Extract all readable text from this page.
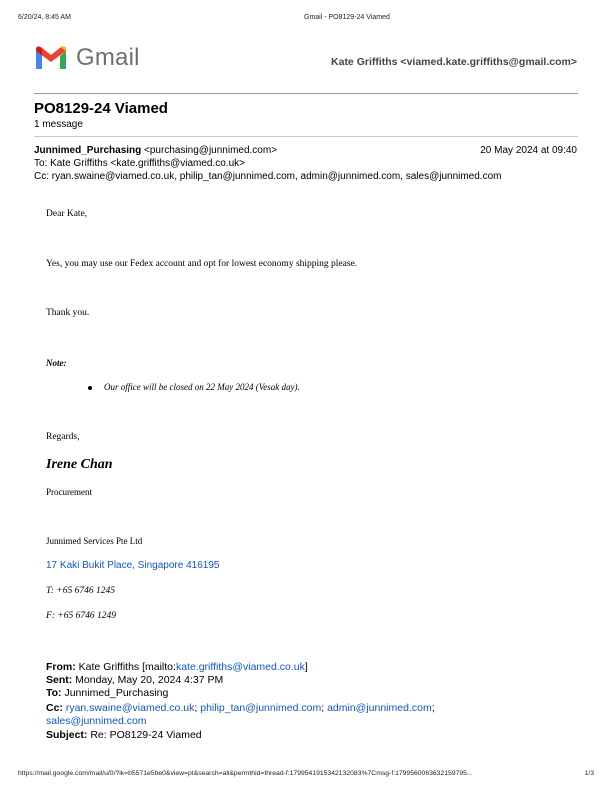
6/20/24, 8:45 AM	Gmail - PO8129-24 Viamed
Gmail	Kate Griffiths <viamed.kate.griffiths@gmail.com>
PO8129-24 Viamed
1 message
Junnimed_Purchasing <purchasing@junnimed.com>	20 May 2024 at 09:40
To: Kate Griffiths <kate.griffiths@viamed.co.uk>
Cc: ryan.swaine@viamed.co.uk, philip_tan@junnimed.com, admin@junnimed.com, sales@junnimed.com
Dear Kate,
Yes, you may use our Fedex account and opt for lowest economy shipping please.
Thank you.
Note:
Our office will be closed on 22 May 2024 (Vesak day).
Regards,
Irene Chan
Procurement
Junnimed Services Pte Ltd
17 Kaki Bukit Place, Singapore 416195
T: +65 6746 1245
F: +65 6746 1249
From: Kate Griffiths [mailto:kate.griffiths@viamed.co.uk]
Sent: Monday, May 20, 2024 4:37 PM
To: Junnimed_Purchasing
Cc: ryan.swaine@viamed.co.uk; philip_tan@junnimed.com; admin@junnimed.com;
sales@junnimed.com
Subject: Re: PO8129-24 Viamed
https://mail.google.com/mail/u/0/?ik=b5571e5be0&view=pt&search=all&permthid=thread-f:1799541915342132083%7Cmsg-f:1799560063632159795...	1/3
